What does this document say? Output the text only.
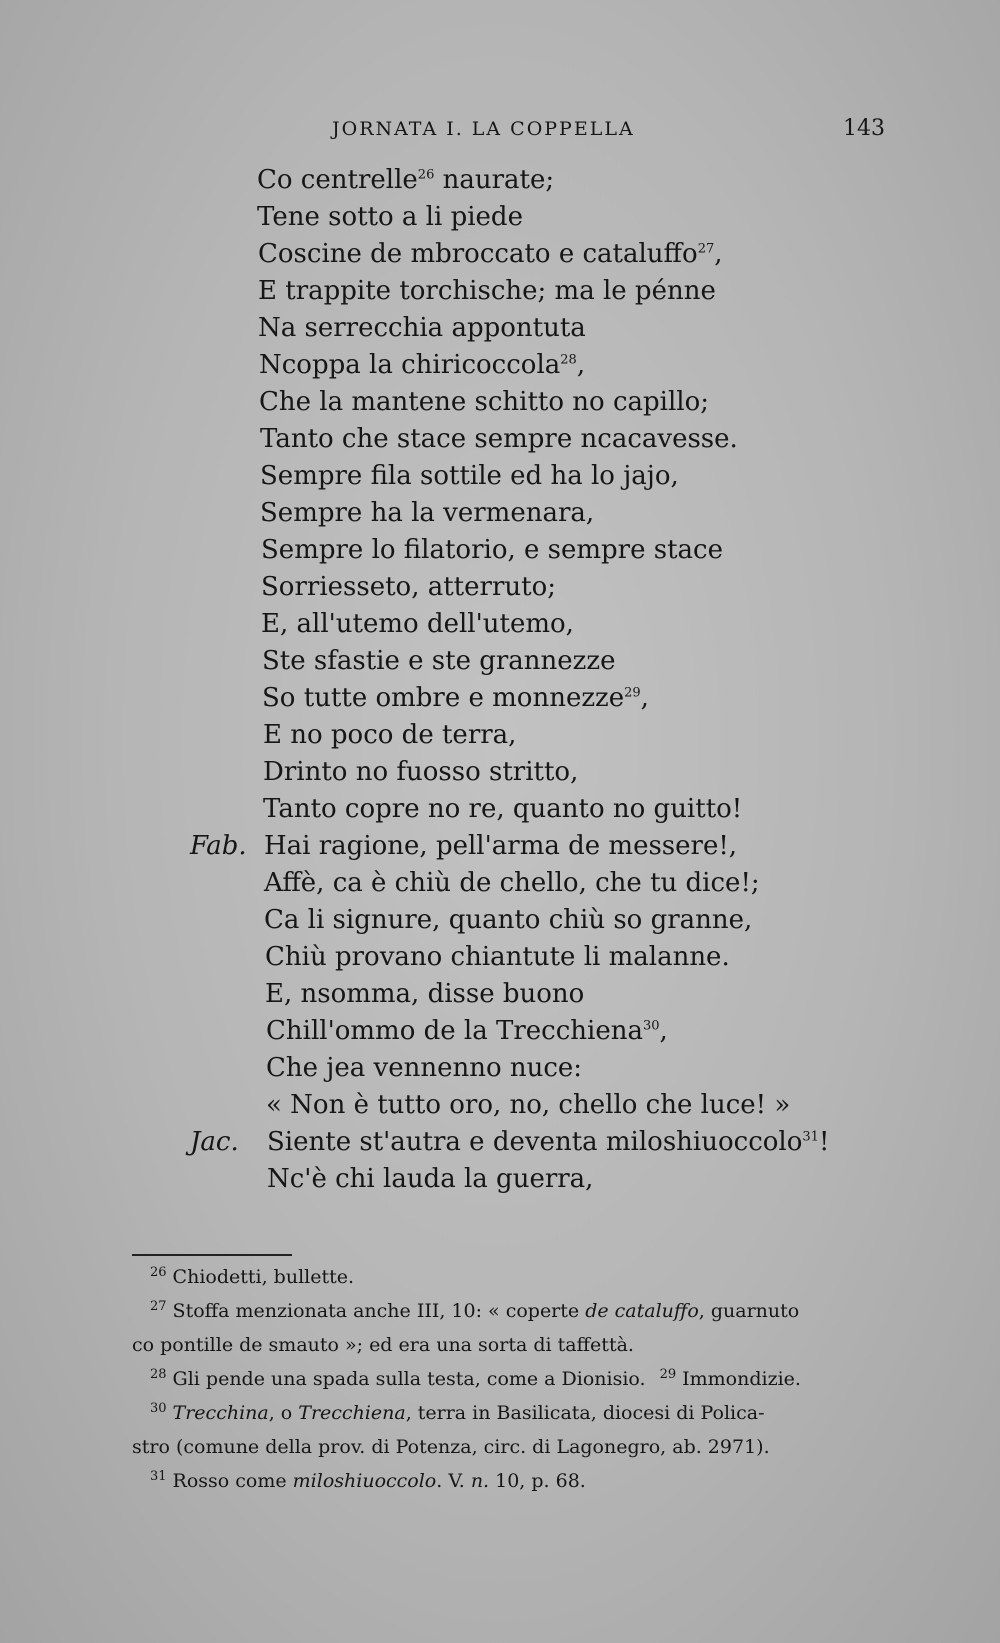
JORNATA I. LA COPPELLA	143
Co centrelle$^{26}$ naurate;
Tene sotto a li piede
Coscine de mbroccato e cataluffo$^{27}$,
E trappite torchische; ma le pénne
Na serrecchia appontuta
Ncoppa la chiricoccola$^{28}$,
Che la mantene schitto no capillo;
Tanto che stace sempre ncacavesse.
Sempre fila sottile ed ha lo jajo,
Sempre ha la vermenara,
Sempre lo filatorio, e sempre stace
Sorriesseto, atterruto;
E, all'utemo dell'utemo,
Ste sfastie e ste grannezze
So tutte ombre e monnezze$^{29}$,
E no poco de terra,
Drinto no fuosso stritto,
Tanto copre no re, quanto no guitto!
Fab. Hai ragione, pell'arma de messere!,
Affè, ca è chiù de chello, che tu dice!;
Ca li signure, quanto chiù so granne,
Chiù provano chiantute li malanne.
E, nsomma, disse buono
Chill'ommo de la Trecchiena$^{30}$,
Che jea vennenno nuce:
« Non è tutto oro, no, chello che luce! »
Jac. Siente st'autra e deventa miloshiuoccolo$^{31}$!
Nc'è chi lauda la guerra,
$^{26}$ Chiodetti, bullette.
$^{27}$ Stoffa menzionata anche III, 10: « coperte de cataluffo, guarnuto
co pontille de smauto »; ed era una sorta di taffettà.
$^{28}$ Gli pende una spada sulla testa, come a Dionisio. $^{29}$ Immondizie.
$^{30}$ Trecchina, o Trecchiena, terra in Basilicata, diocesi di Polica-
stro (comune della prov. di Potenza, circ. di Lagonegro, ab. 2971).
$^{31}$ Rosso come miloshiuoccolo. V. n. 10, p. 68.
